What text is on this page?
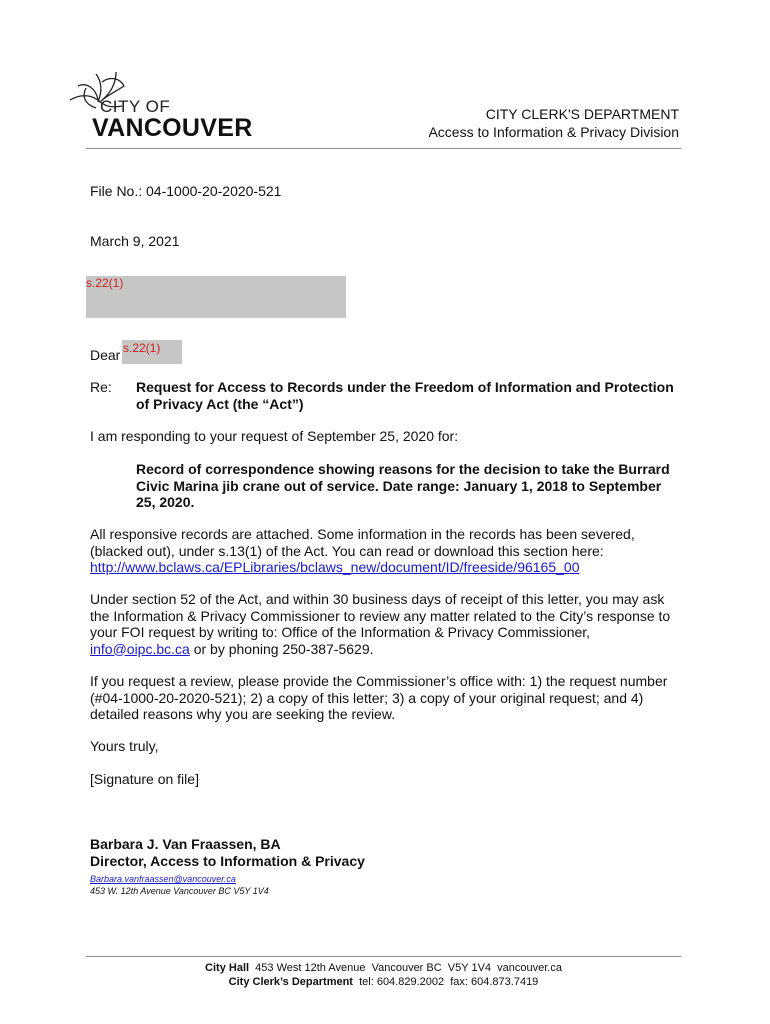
CITY OF
VANCOUVER	CITY CLERK'S DEPARTMENT
Access to Information & Privacy Division
File No.: 04-1000-20-2020-521
March 9, 2021
s.22(1)
Dear s.22(1)
Re:	Request for Access to Records under the Freedom of Information and Protection of Privacy Act (the “Act”)
I am responding to your request of September 25, 2020 for:
Record of correspondence showing reasons for the decision to take the Burrard Civic Marina jib crane out of service. Date range: January 1, 2018 to September 25, 2020.
All responsive records are attached. Some information in the records has been severed, (blacked out), under s.13(1) of the Act. You can read or download this section here: http://www.bclaws.ca/EPLibraries/bclaws_new/document/ID/freeside/96165_00
Under section 52 of the Act, and within 30 business days of receipt of this letter, you may ask the Information & Privacy Commissioner to review any matter related to the City’s response to your FOI request by writing to: Office of the Information & Privacy Commissioner, info@oipc.bc.ca or by phoning 250-387-5629.
If you request a review, please provide the Commissioner’s office with: 1) the request number (#04-1000-20-2020-521); 2) a copy of this letter; 3) a copy of your original request; and 4) detailed reasons why you are seeking the review.
Yours truly,
[Signature on file]
Barbara J. Van Fraassen, BA
Director, Access to Information & Privacy
Barbara.vanfraassen@vancouver.ca
453 W. 12th Avenue Vancouver BC V5Y 1V4
City Hall  453 West 12th Avenue  Vancouver BC  V5Y 1V4  vancouver.ca
City Clerk’s Department  tel: 604.829.2002  fax: 604.873.7419
